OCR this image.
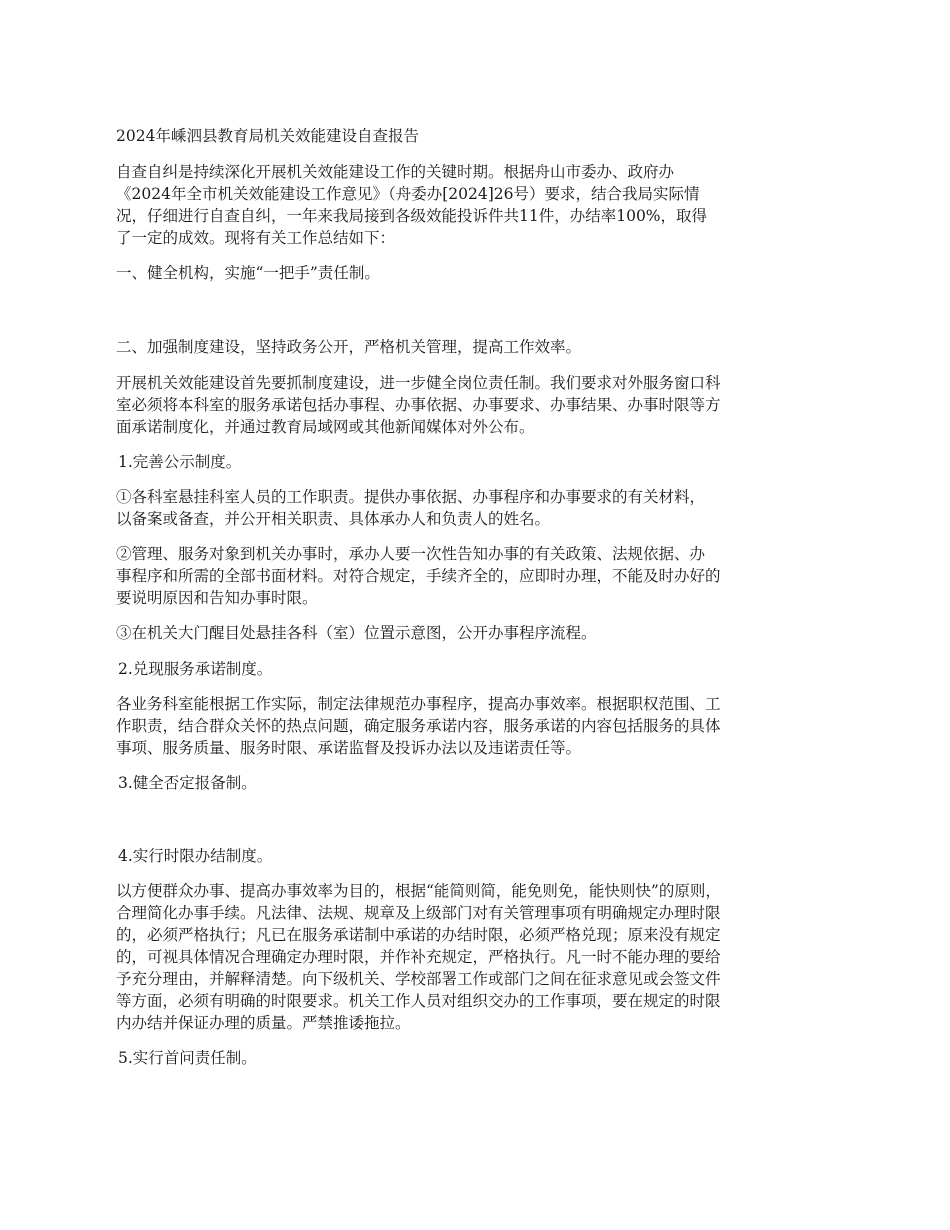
2024年嵊泗县教育局机关效能建设自查报告

自查自纠是持续深化开展机关效能建设工作的关键时期。根据舟山市委办、政府办
《2024年全市机关效能建设工作意见》（舟委办[2024]26号）要求，结合我局实际情
况，仔细进行自查自纠，一年来我局接到各级效能投诉件共11件，办结率100%，取得
了一定的成效。现将有关工作总结如下：

一、健全机构，实施“一把手”责任制。

二、加强制度建设，坚持政务公开，严格机关管理，提高工作效率。

开展机关效能建设首先要抓制度建设，进一步健全岗位责任制。我们要求对外服务窗口科
室必须将本科室的服务承诺包括办事程、办事依据、办事要求、办事结果、办事时限等方
面承诺制度化，并通过教育局域网或其他新闻媒体对外公布。

1.完善公示制度。

①各科室悬挂科室人员的工作职责。提供办事依据、办事程序和办事要求的有关材料，
以备案或备查，并公开相关职责、具体承办人和负责人的姓名。

②管理、服务对象到机关办事时，承办人要一次性告知办事的有关政策、法规依据、办
事程序和所需的全部书面材料。对符合规定，手续齐全的，应即时办理，不能及时办好的
要说明原因和告知办事时限。

③在机关大门醒目处悬挂各科（室）位置示意图，公开办事程序流程。

2.兑现服务承诺制度。

各业务科室能根据工作实际，制定法律规范办事程序，提高办事效率。根据职权范围、工
作职责，结合群众关怀的热点问题，确定服务承诺内容，服务承诺的内容包括服务的具体
事项、服务质量、服务时限、承诺监督及投诉办法以及违诺责任等。

3.健全否定报备制。

4.实行时限办结制度。

以方便群众办事、提高办事效率为目的，根据“能简则简，能免则免，能快则快”的原则，
合理简化办事手续。凡法律、法规、规章及上级部门对有关管理事项有明确规定办理时限
的，必须严格执行；凡已在服务承诺制中承诺的办结时限，必须严格兑现；原来没有规定
的，可视具体情况合理确定办理时限，并作补充规定，严格执行。凡一时不能办理的要给
予充分理由，并解释清楚。向下级机关、学校部署工作或部门之间在征求意见或会签文件
等方面，必须有明确的时限要求。机关工作人员对组织交办的工作事项，要在规定的时限
内办结并保证办理的质量。严禁推诿拖拉。

5.实行首问责任制。
